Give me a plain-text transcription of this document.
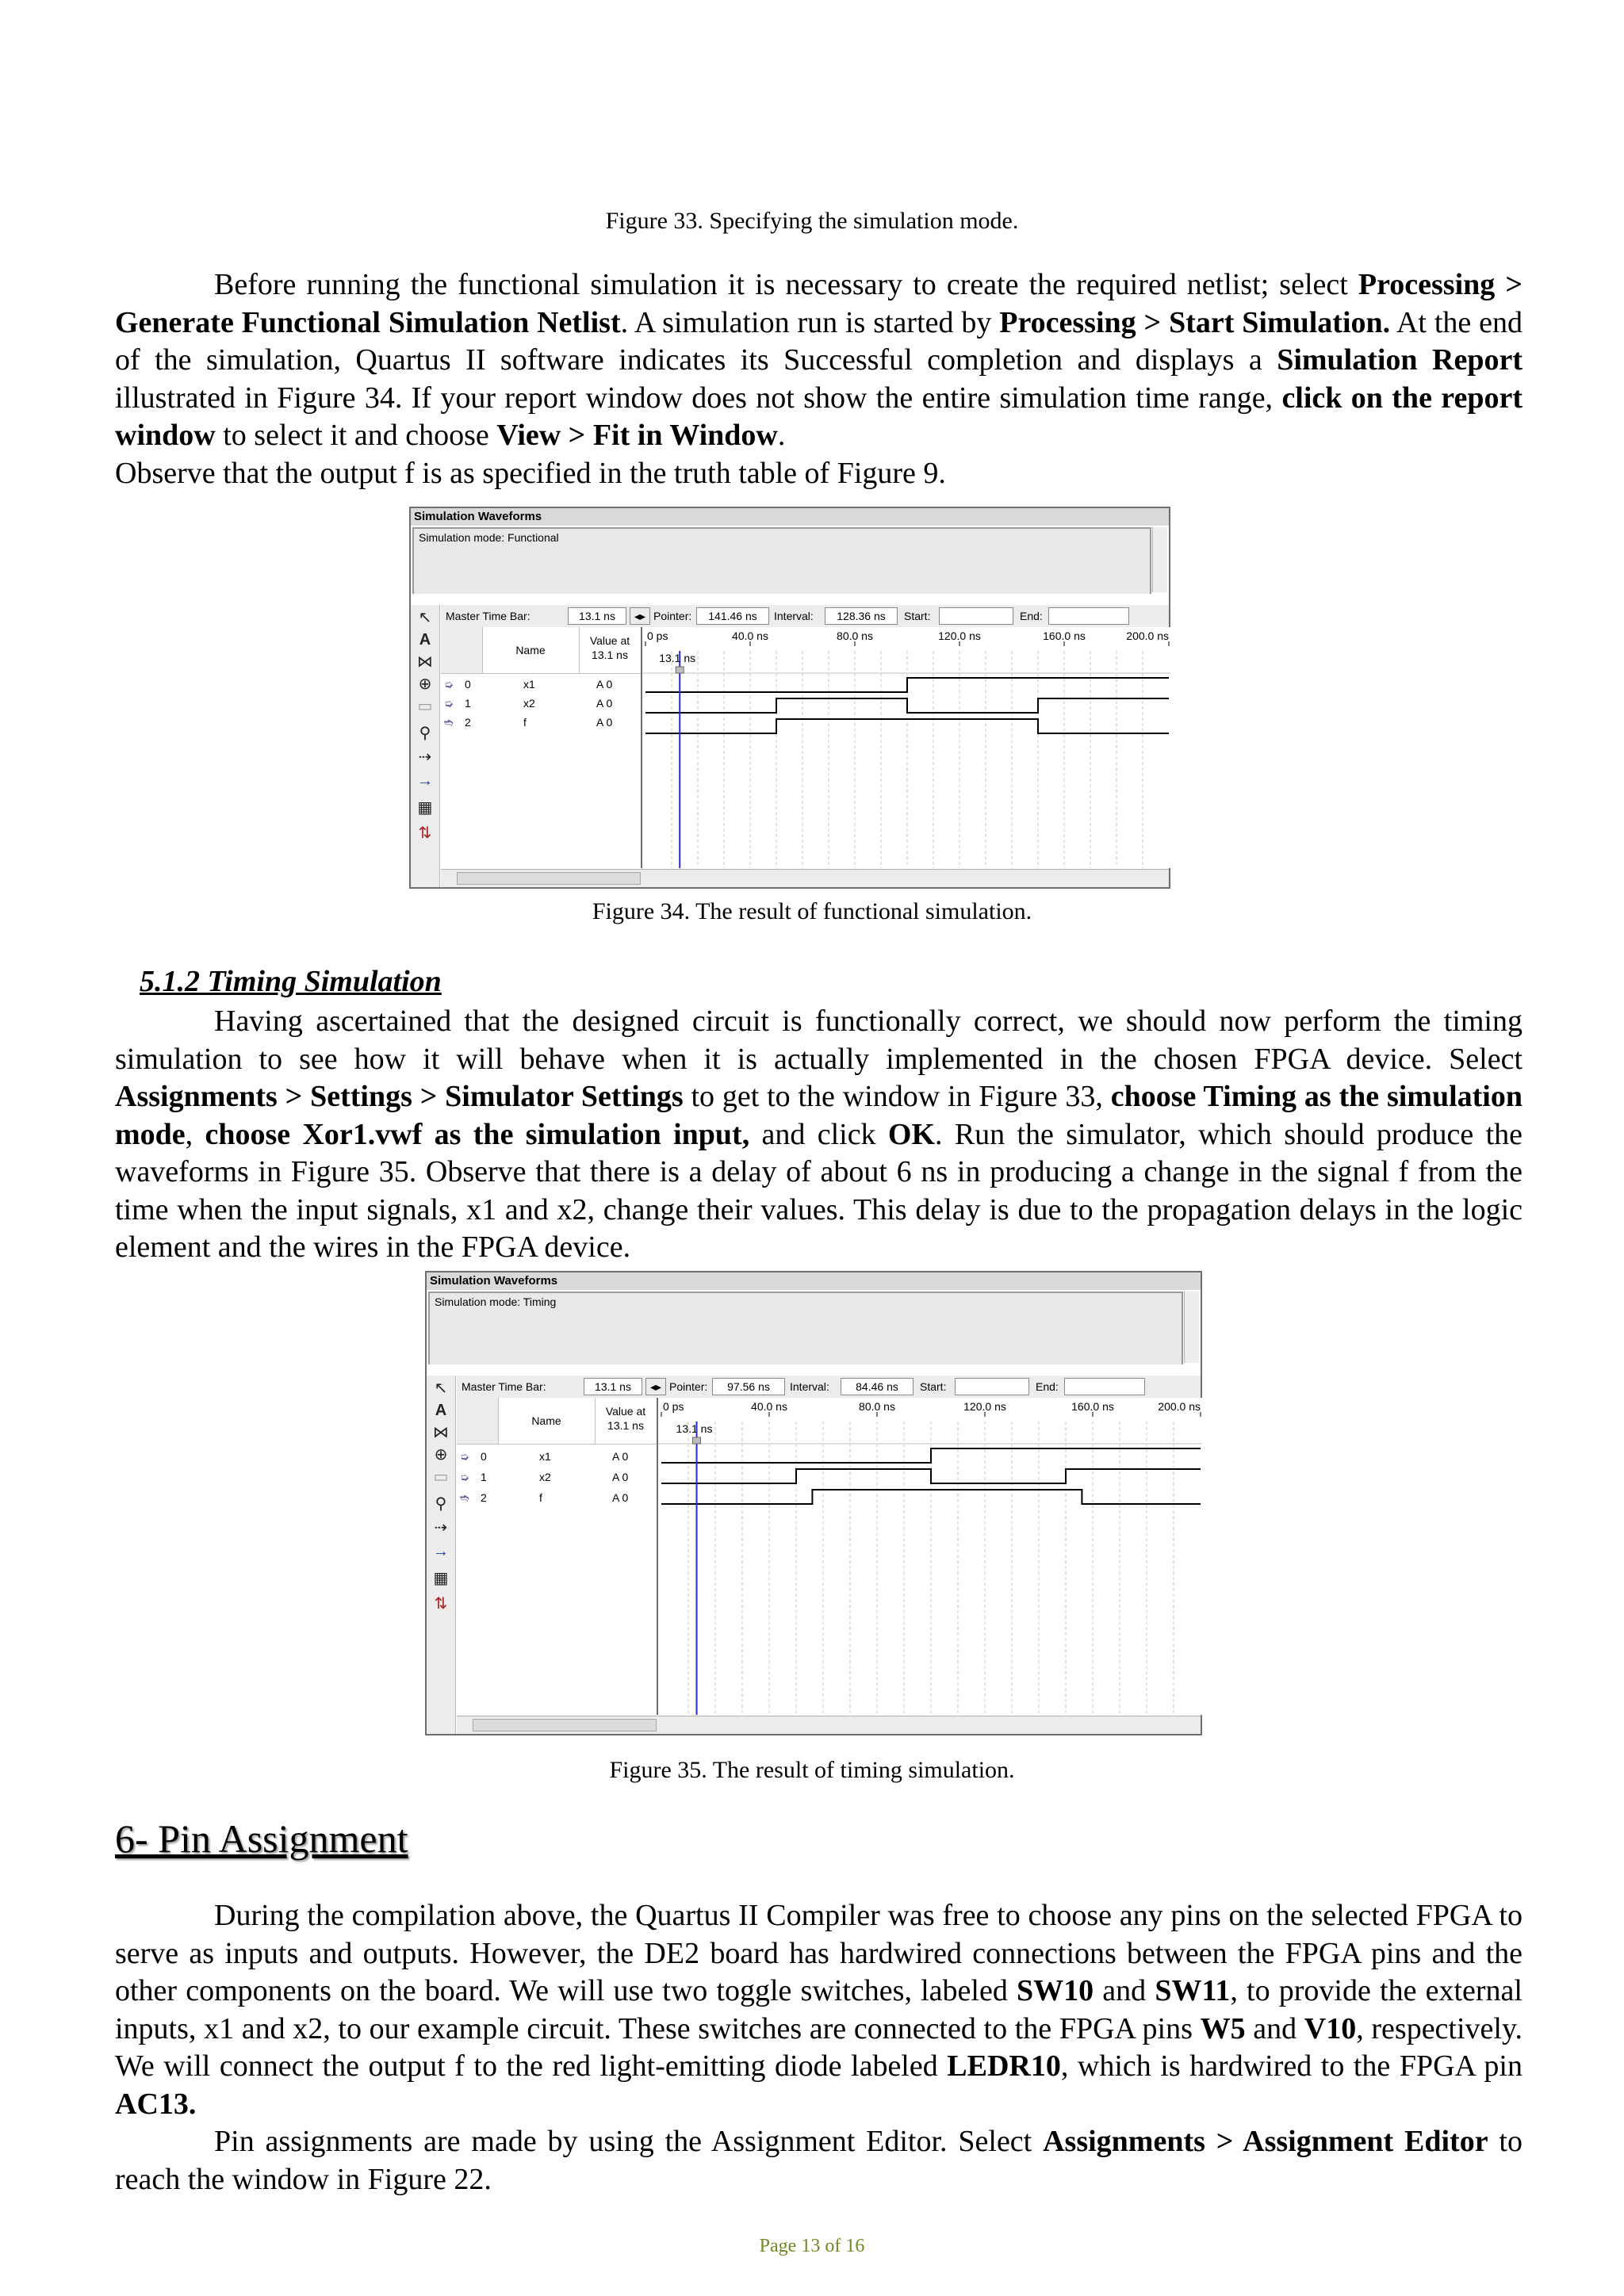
Figure 33. Specifying the simulation mode.

Before running the functional simulation it is necessary to create the required netlist; select Processing > Generate Functional Simulation Netlist. A simulation run is started by Processing > Start Simulation. At the end of the simulation, Quartus II software indicates its Successful completion and displays a Simulation Report illustrated in Figure 34. If your report window does not show the entire simulation time range, click on the report window to select it and choose View > Fit in Window.
Observe that the output f is as specified in the truth table of Figure 9.

Simulation Waveforms
Simulation mode: Functional
↖
A
⋈
⊕
▭
⚲
⇢
→
▦
⇅
Master Time Bar:	13.1 ns	◂▸ Pointer:	141.46 ns	Interval:	128.36 ns	Start:	End:
Name
Value at
13.1 ns
➭ 0	x1	A 0
➭ 1	x2	A 0
➬ 2	f	A 0
0 ps	40.0 ns	80.0 ns	120.0 ns	160.0 ns	200.0 ns
13.1 ns
Figure 34. The result of functional simulation.
5.1.2 Timing Simulation

Having ascertained that the designed circuit is functionally correct, we should now perform the timing simulation to see how it will behave when it is actually implemented in the chosen FPGA device. Select Assignments > Settings > Simulator Settings to get to the window in Figure 33, choose Timing as the simulation mode, choose Xor1.vwf as the simulation input, and click OK. Run the simulator, which should produce the waveforms in Figure 35. Observe that there is a delay of about 6 ns in producing a change in the signal f from the time when the input signals, x1 and x2, change their values. This delay is due to the propagation delays in the logic element and the wires in the FPGA device.

Simulation Waveforms
Simulation mode: Timing
↖
A
⋈
⊕
▭
⚲
⇢
→
▦
⇅
Master Time Bar:	13.1 ns	◂▸ Pointer:	97.56 ns	Interval:	84.46 ns	Start:	End:
Name
Value at
13.1 ns
➭ 0	x1	A 0
➭ 1	x2	A 0
➬ 2	f	A 0
0 ps	40.0 ns	80.0 ns	120.0 ns	160.0 ns	200.0 ns
13.1 ns
Figure 35. The result of timing simulation.
6- Pin Assignment

During the compilation above, the Quartus II Compiler was free to choose any pins on the selected FPGA to serve as inputs and outputs. However, the DE2 board has hardwired connections between the FPGA pins and the other components on the board. We will use two toggle switches, labeled SW10 and SW11, to provide the external inputs, x1 and x2, to our example circuit. These switches are connected to the FPGA pins W5 and V10, respectively. We will connect the output f to the red light-emitting diode labeled LEDR10, which is hardwired to the FPGA pin AC13.

Pin assignments are made by using the Assignment Editor. Select Assignments > Assignment Editor to reach the window in Figure 22.

Page 13 of 16
